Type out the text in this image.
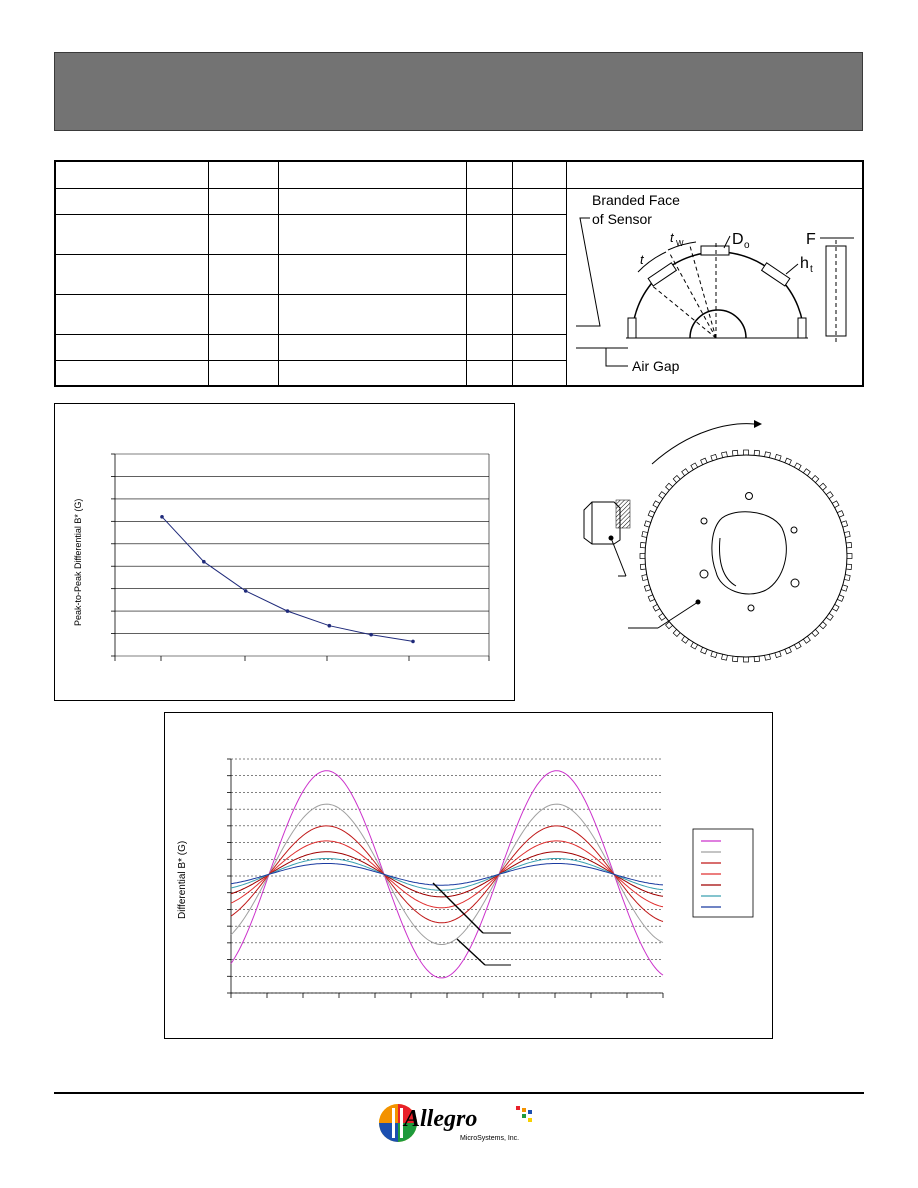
Branded Face
of Sensor
t
t W	D o
h t
F
Air Gap
Peak-to-Peak Differential B* (G)
Differential B* (G)
Allegro
MicroSystems, Inc.
